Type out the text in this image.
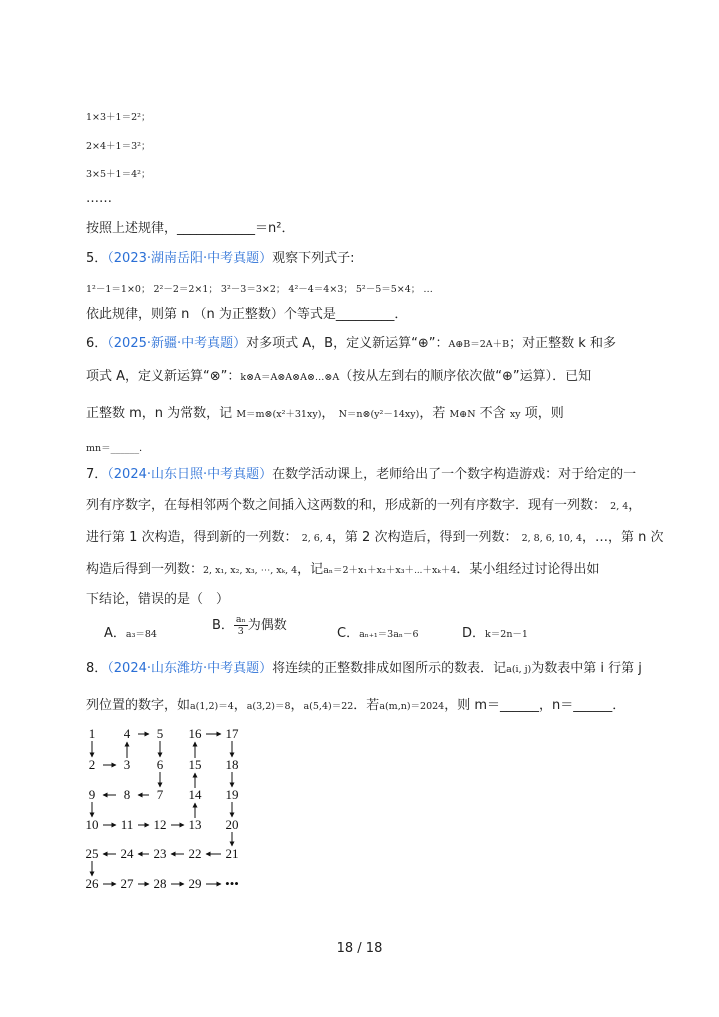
1×3＋1＝2²；
2×4＋1＝3²；
3×5＋1＝4²；
……
按照上述规律，____________＝n²．
5．（2023·湖南岳阳·中考真题）观察下列式子:
1²－1＝1×0； 2²－2＝2×1； 3²－3＝3×2； 4²－4＝4×3； 5²－5＝5×4； …
依此规律，则第 n （n 为正整数）个等式是_________．
6．（2025·新疆·中考真题）对多项式 A，B，定义新运算“⊕”：A⊕B＝2A＋B；对正整数 k 和多
项式 A，定义新运算“⊗”：k⊗A＝A⊗A⊗A⊗…⊗A（按从左到右的顺序依次做“⊕”运算）．已知
正整数 m，n 为常数，记 M＝m⊗(x²＋31xy)， N＝n⊗(y²－14xy)，若 M⊕N 不含 xy 项，则
mn＝______．
7．（2024·山东日照·中考真题）在数学活动课上，老师给出了一个数字构造游戏：对于给定的一
列有序数字，在每相邻两个数之间插入这两数的和，形成新的一列有序数字．现有一列数： 2, 4，
进行第 1 次构造，得到新的一列数： 2, 6, 4，第 2 次构造后，得到一列数： 2, 8, 6, 10, 4，…，第 n 次
构造后得到一列数：2, x₁, x₂, x₃, ⋯, xₖ, 4，记aₙ＝2＋x₁＋x₂＋x₃＋⋯＋xₖ＋4．某小组经过讨论得出如
下结论，错误的是（　）
A．a₃＝84
B． $\frac{\text{aₙ}}{3}$ 为偶数
C．aₙ₊₁＝3aₙ－6	D．k＝2n－1
8．（2024·山东潍坊·中考真题）将连续的正整数排成如图所示的数表．记a(i, j)为数表中第 i 行第 j
列位置的数字，如a(1,2)＝4，a(3,2)＝8，a(5,4)＝22．若a(m,n)＝2024，则 m＝______，n＝______．
1 4 5 16 17
2 3 6 15 18
9 8 7 14 19
10 11 12 13 20
25 24 23 22 21
26 27 28 29 •••
18 / 18
